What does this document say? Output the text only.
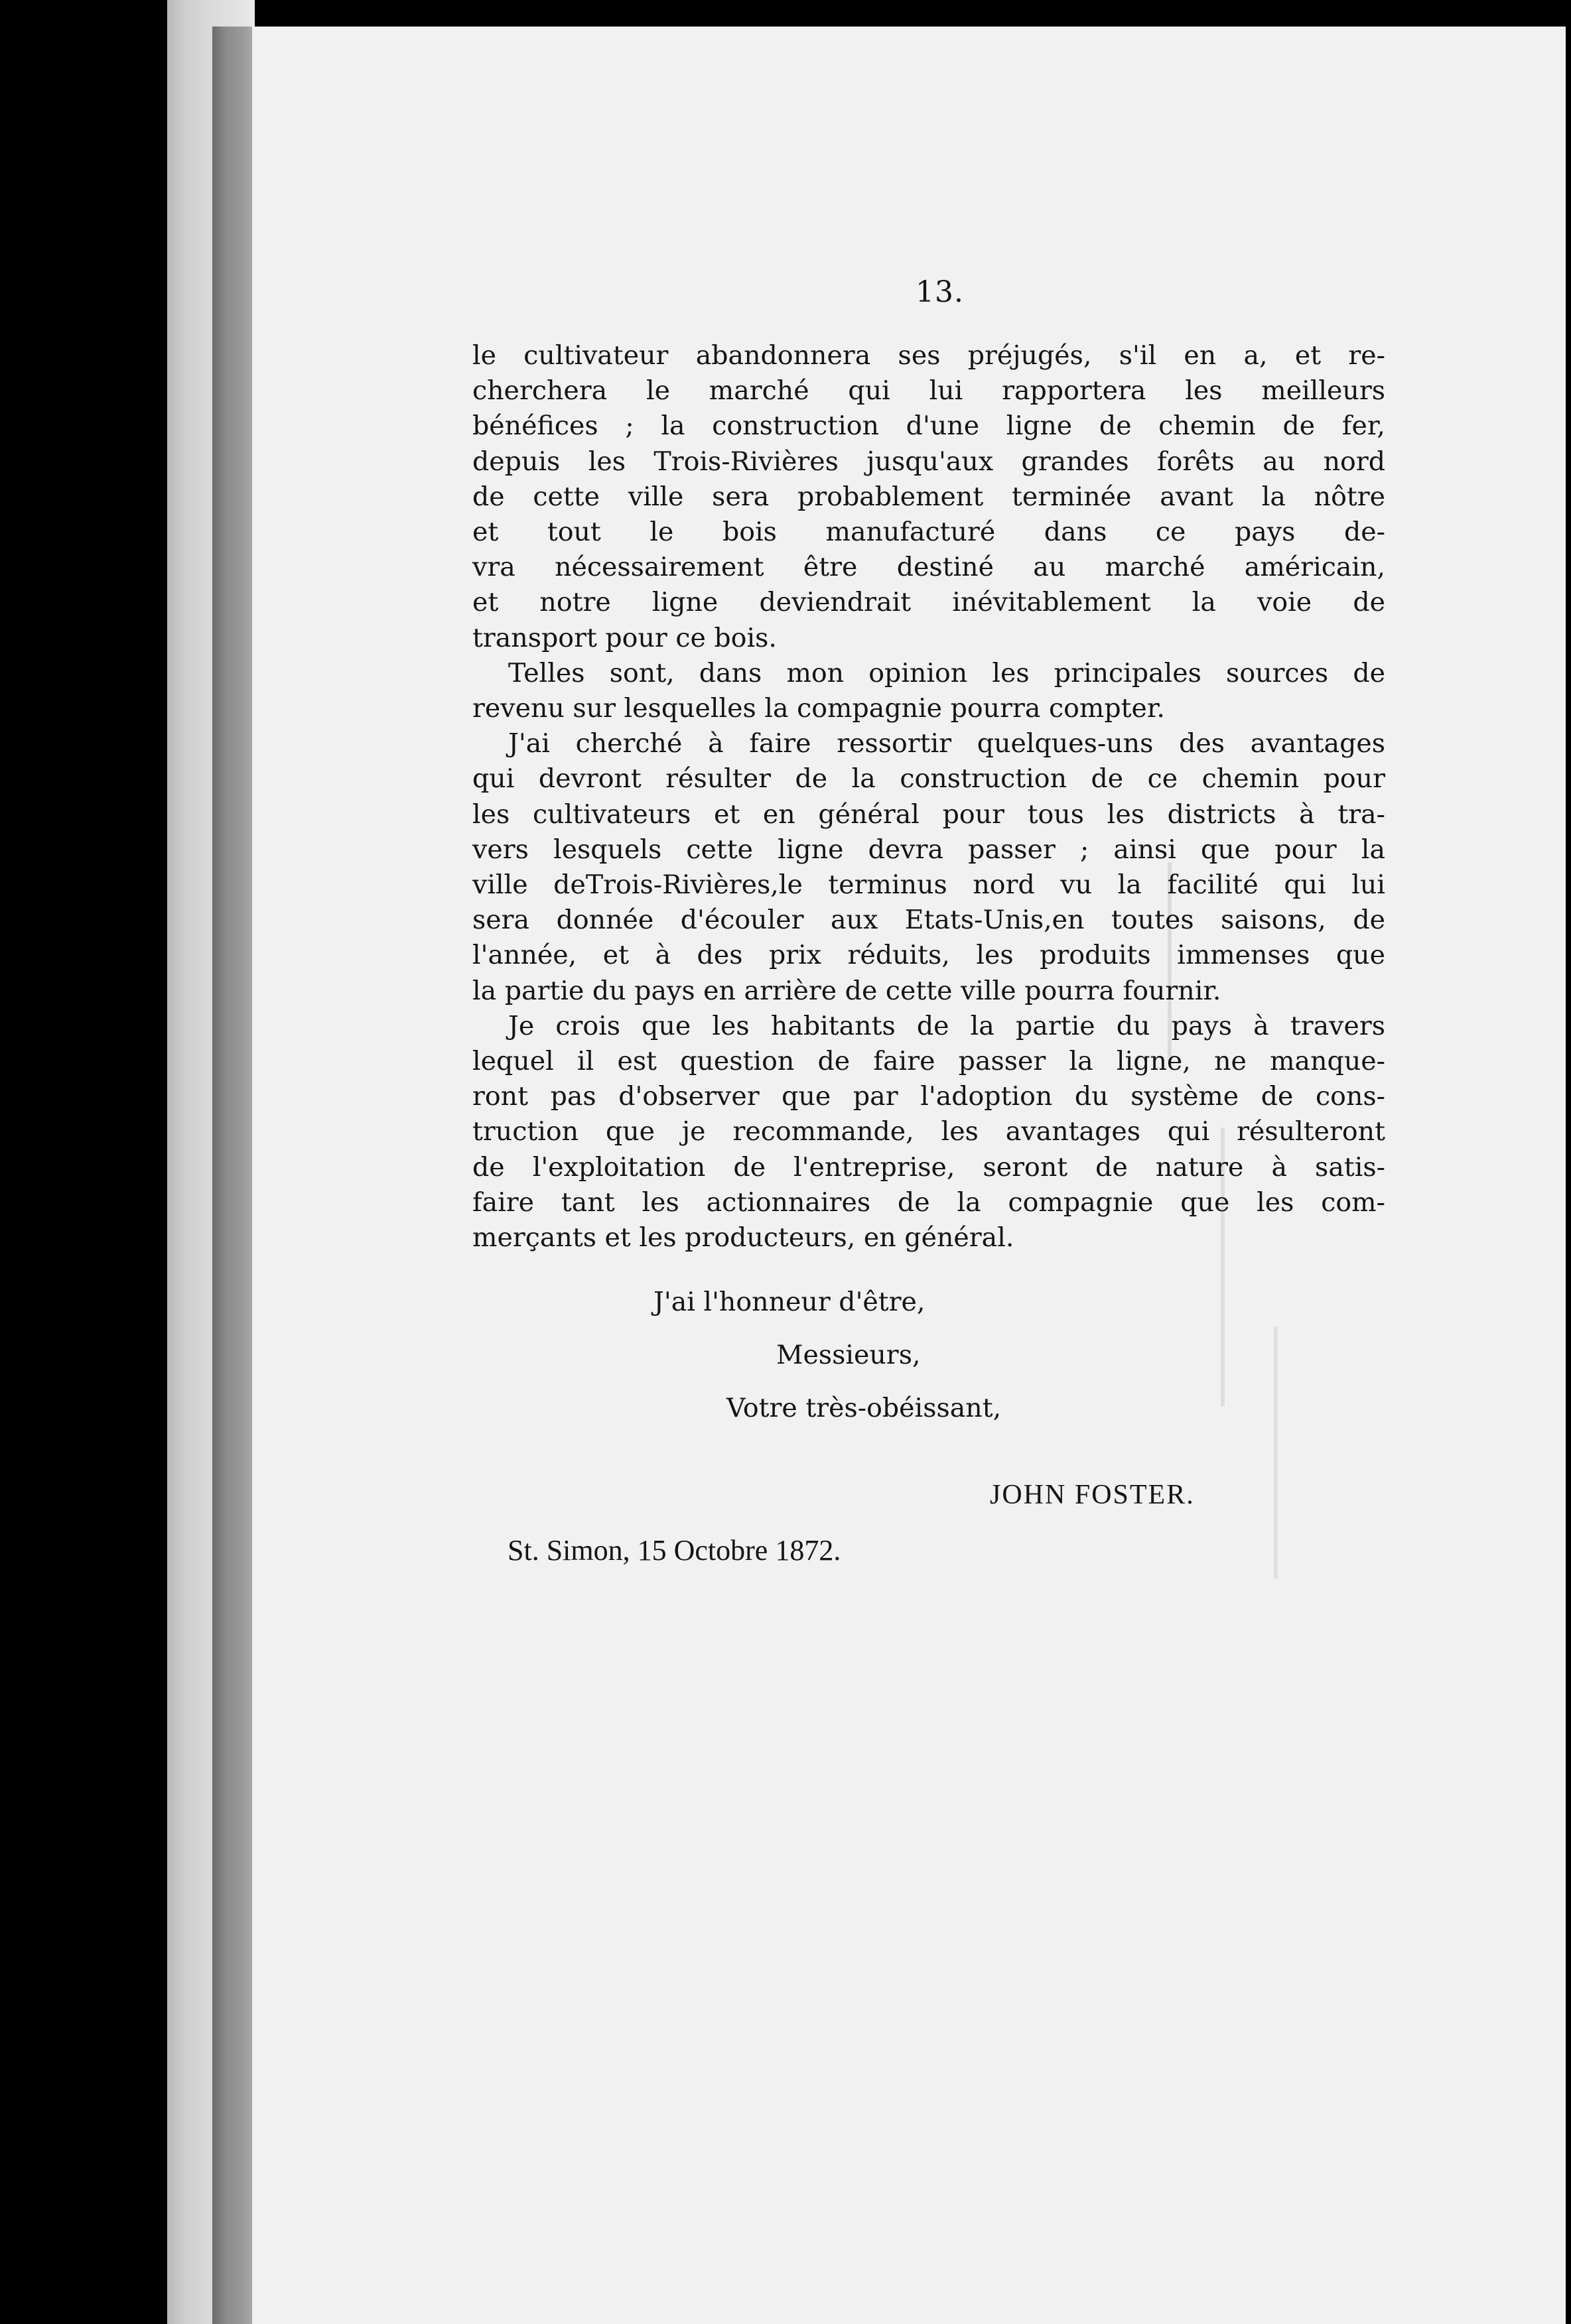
13.

le cultivateur abandonnera ses préjugés, s'il en a, et re-

cherchera le marché qui lui rapportera les meilleurs

bénéfices ; la construction d'une ligne de chemin de fer,

depuis les Trois-Rivières jusqu'aux grandes forêts au nord

de cette ville sera probablement terminée avant la nôtre

et tout le bois manufacturé dans ce pays de-

vra nécessairement être destiné au marché américain,

et notre ligne deviendrait inévitablement la voie de

transport pour ce bois.

Telles sont, dans mon opinion les principales sources de

revenu sur lesquelles la compagnie pourra compter.

J'ai cherché à faire ressortir quelques-uns des avantages

qui devront résulter de la construction de ce chemin pour

les cultivateurs et en général pour tous les districts à tra-

vers lesquels cette ligne devra passer ; ainsi que pour la

ville deTrois-Rivières,le terminus nord vu la facilité qui lui

sera donnée d'écouler aux Etats-Unis,en toutes saisons, de

l'année, et à des prix réduits, les produits immenses que

la partie du pays en arrière de cette ville pourra fournir.

Je crois que les habitants de la partie du pays à travers

lequel il est question de faire passer la ligne, ne manque-

ront pas d'observer que par l'adoption du système de cons-

truction que je recommande, les avantages qui résulteront

de l'exploitation de l'entreprise, seront de nature à satis-

faire tant les actionnaires de la compagnie que les com-

merçants et les producteurs, en général.

J'ai l'honneur d'être,
Messieurs,
Votre très-obéissant,
JOHN FOSTER.
St. Simon, 15 Octobre 1872.
